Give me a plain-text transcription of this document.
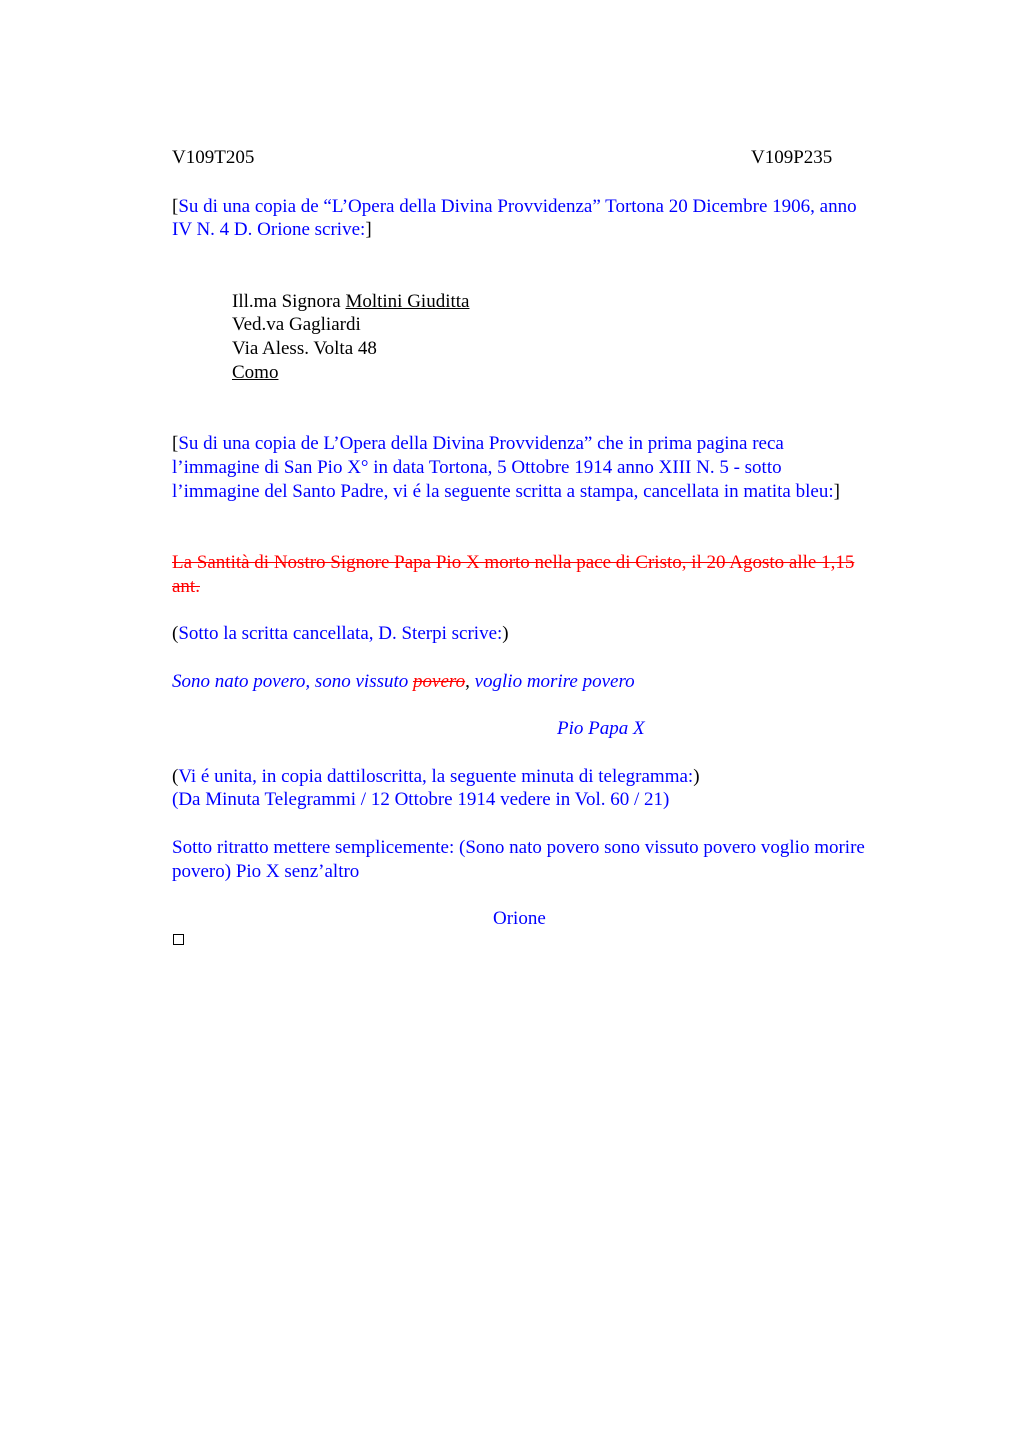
V109T205	V109P235
[Su di una copia de “L’Opera della Divina Provvidenza” Tortona 20 Dicembre 1906, anno
IV N. 4 D. Orione scrive:]
Ill.ma Signora Moltini Giuditta
Ved.va Gagliardi
Via Aless. Volta 48
Como
[Su di una copia de L’Opera della Divina Provvidenza” che in prima pagina reca
l’immagine di San Pio X° in data Tortona, 5 Ottobre 1914 anno XIII N. 5 - sotto
l’immagine del Santo Padre, vi é la seguente scritta a stampa, cancellata in matita bleu:]
La Santità di Nostro Signore Papa Pio X morto nella pace di Cristo, il 20 Agosto alle 1,15
ant.
(Sotto la scritta cancellata, D. Sterpi scrive:)
Sono nato povero, sono vissuto povero, voglio morire povero
Pio Papa X
(Vi é unita, in copia dattiloscritta, la seguente minuta di telegramma:)
(Da Minuta Telegrammi / 12 Ottobre 1914 vedere in Vol. 60 / 21)
Sotto ritratto mettere semplicemente: (Sono nato povero sono vissuto povero voglio morire
povero) Pio X senz’altro
Orione
